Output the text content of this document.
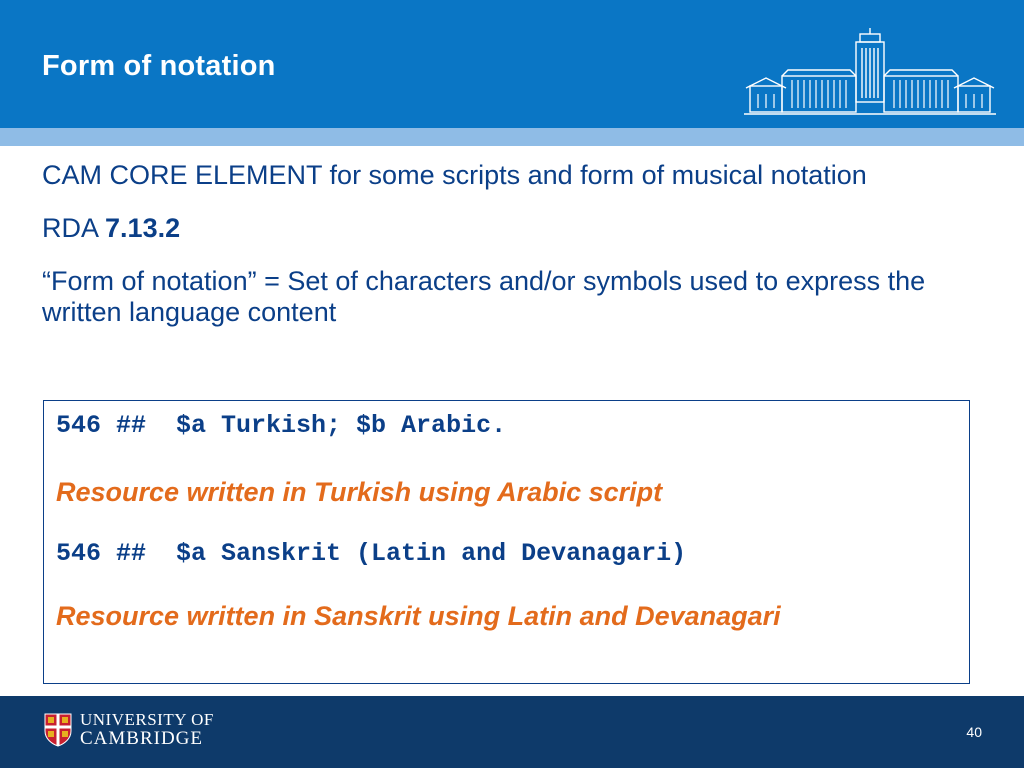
Form of notation

CAM CORE ELEMENT for some scripts and form of musical notation

RDA 7.13.2

“Form of notation” = Set of characters and/or symbols used to express the written language content

546 ##  $a Turkish; $b Arabic.

Resource written in Turkish using Arabic script

546 ##  $a Sanskrit (Latin and Devanagari)

Resource written in Sanskrit using Latin and Devanagari

UNIVERSITY OF
CAMBRIDGE	40
